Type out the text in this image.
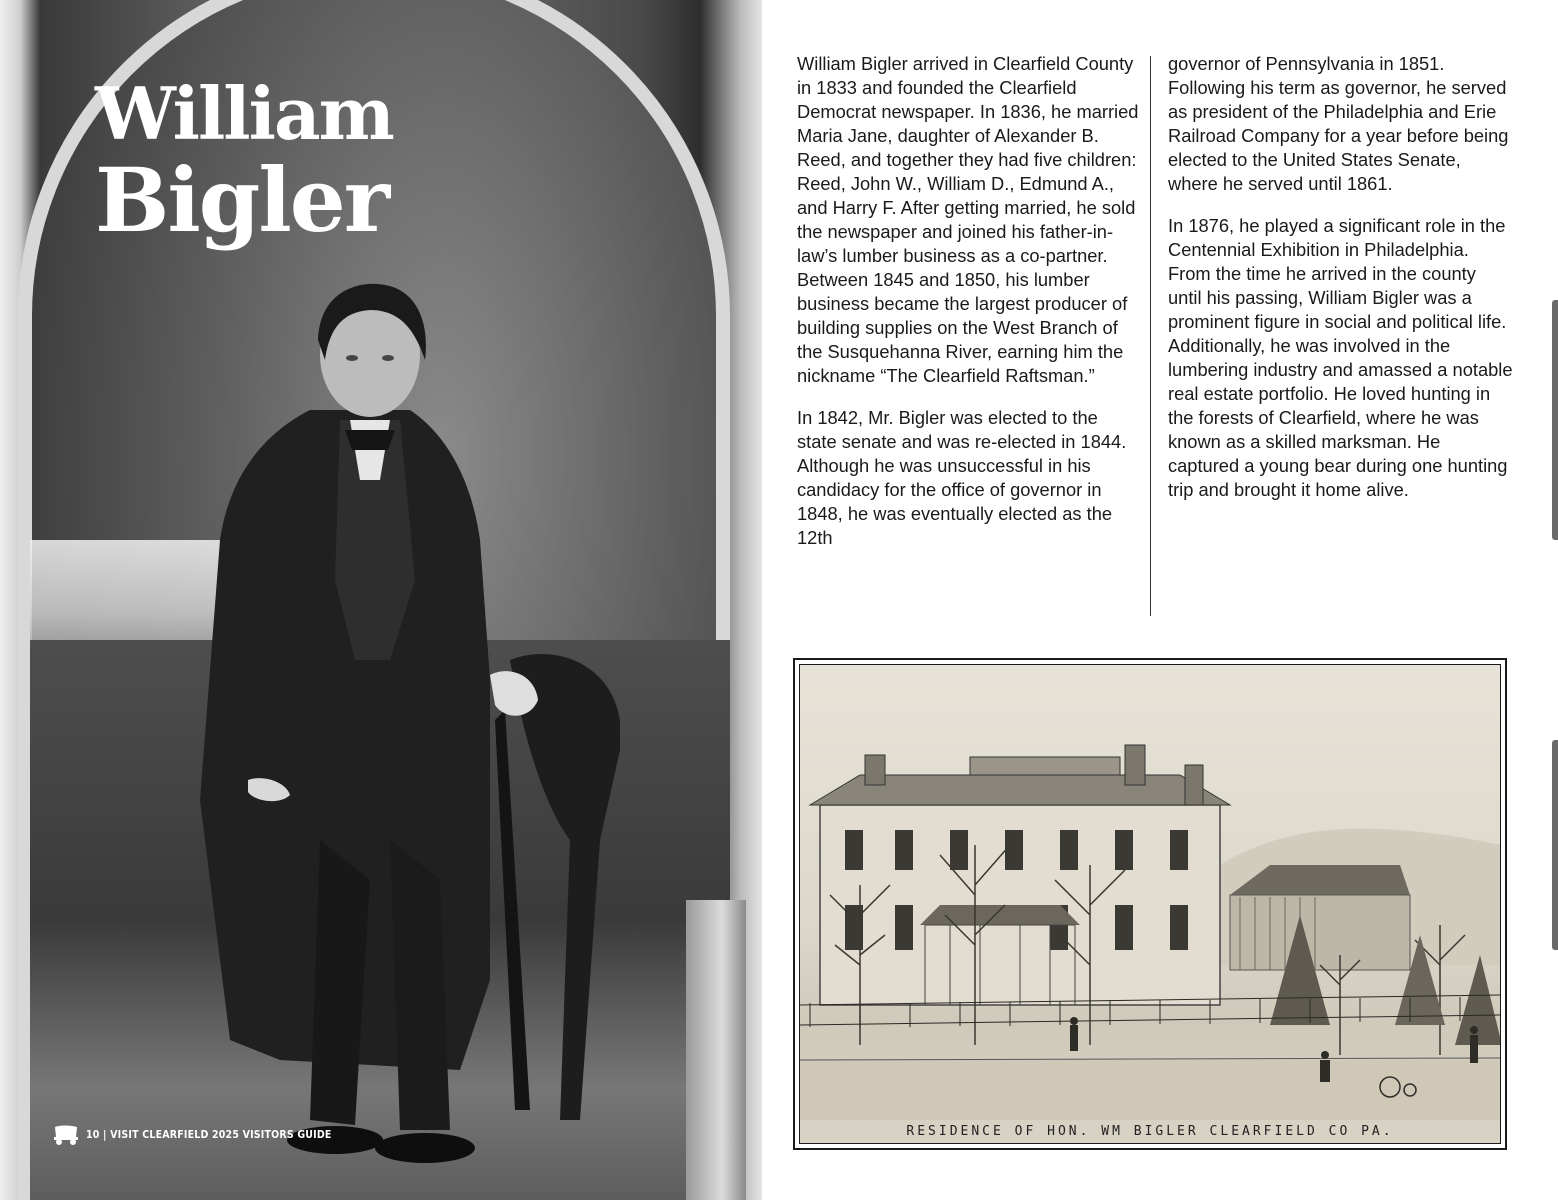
William
Bigler
10 | VISIT CLEARFIELD 2025 VISITORS GUIDE

William Bigler arrived in Clearfield County in 1833 and founded the Clearfield Democrat newspaper. In 1836, he married Maria Jane, daughter of Alexander B. Reed, and together they had five children: Reed, John W., William D., Edmund A., and Harry F. After getting married, he sold the newspaper and joined his father-in-law’s lumber business as a co-partner. Between 1845 and 1850, his lumber business became the largest producer of building supplies on the West Branch of the Susquehanna River, earning him the nickname “The Clearfield Raftsman.”

In 1842, Mr. Bigler was elected to the state senate and was re-elected in 1844. Although he was unsuccessful in his candidacy for the office of governor in 1848, he was eventually elected as the 12th

governor of Pennsylvania in 1851. Following his term as governor, he served as president of the Philadelphia and Erie Railroad Company for a year before being elected to the United States Senate, where he served until 1861.

In 1876, he played a significant role in the Centennial Exhibition in Philadelphia. From the time he arrived in the county until his passing, William Bigler was a prominent figure in social and political life. Additionally, he was involved in the lumbering industry and amassed a notable real estate portfolio. He loved hunting in the forests of Clearfield, where he was known as a skilled marksman. He captured a young bear during one hunting trip and brought it home alive.

RESIDENCE OF HON. WM BIGLER CLEARFIELD CO PA.
